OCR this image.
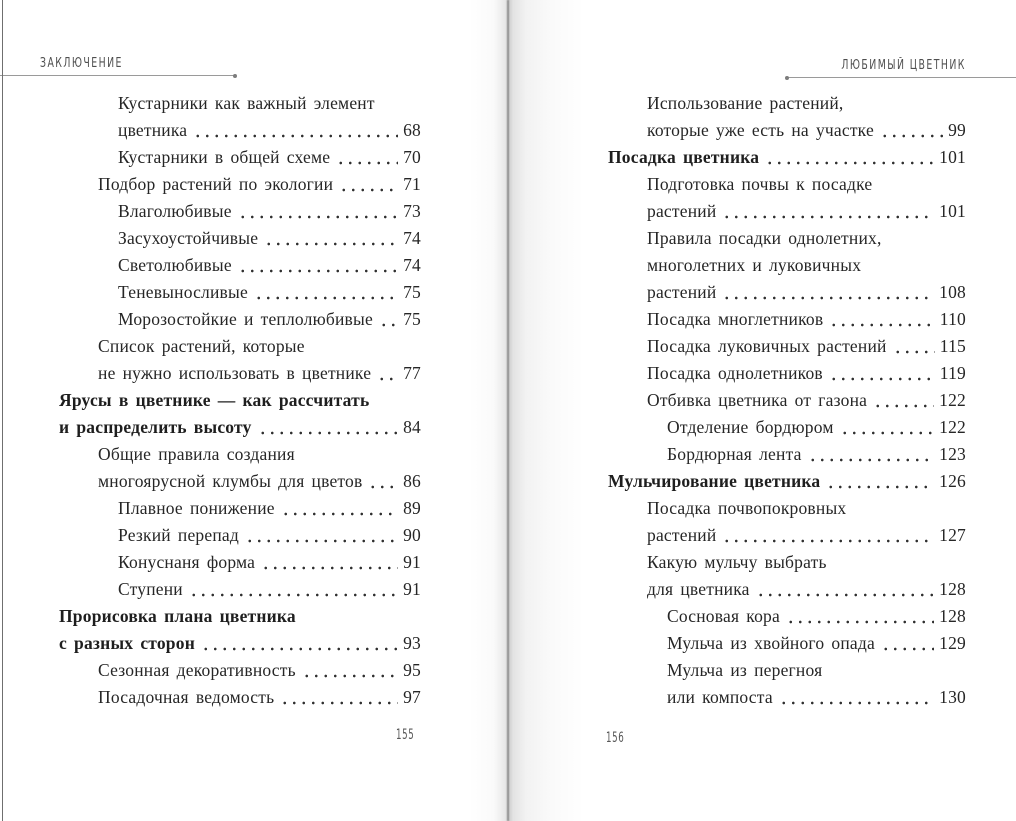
ЗАКЛЮЧЕНИЕ	ЛЮБИМЫЙ ЦВЕТНИК
Кустарники как важный элемент
цветника	68
Кустарники в общей схеме	70
Подбор растений по экологии	71
Влаголюбивые	73
Засухоустойчивые	74
Светолюбивые	74
Теневыносливые	75
Морозостойкие и теплолюбивые 75
Список растений, которые
не нужно использовать в цветнике 77
Ярусы в цветнике — как рассчитать
и распределить высоту	84
Общие правила создания
многоярусной клумбы для цветов 86
Плавное понижение	89
Резкий перепад	90
Конуснаня форма	91
Ступени	91
Прорисовка плана цветника
с разных сторон	93
Сезонная декоративность	95
Посадочная ведомость	97
Использование растений,
которые уже есть на участке	99
Посадка цветника	101
Подготовка почвы к посадке
растений	101
Правила посадки однолетних,
многолетних и луковичных
растений	108
Посадка многлетников	110
Посадка луковичных растений	115
Посадка однолетников	119
Отбивка цветника от газона	122
Отделение бордюром	122
Бордюрная лента	123
Мульчирование цветника	126
Посадка почвопокровных
растений	127
Какую мульчу выбрать
для цветника	128
Сосновая кора	128
Мульча из хвойного опада	129
Мульча из перегноя
или компоста	130
155	156
